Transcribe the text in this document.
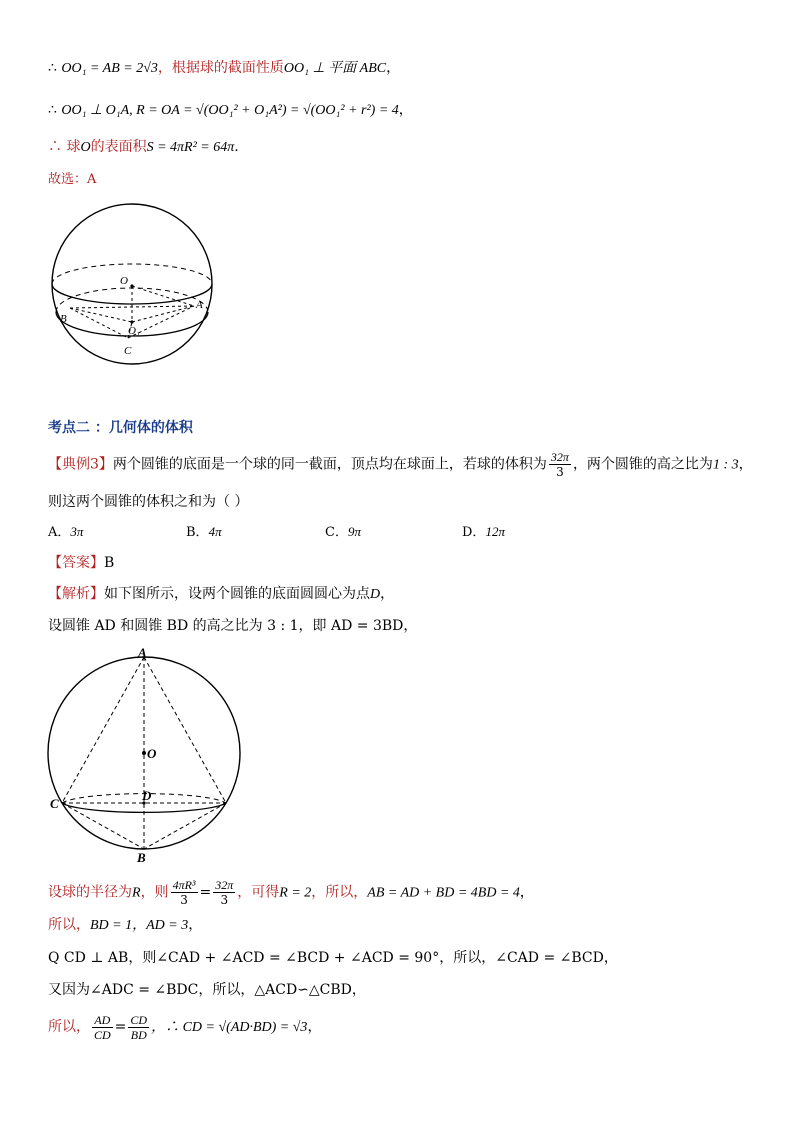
∴ OO₁ = AB = 2√3，根据球的截面性质OO₁ ⊥ 平面 ABC，
∴ OO₁ ⊥ O₁A, R = OA = √(OO₁² + O₁A²) = √(OO₁² + r²) = 4，
∴ 球O的表面积S = 4πR² = 64π.
故选：A
O
A
B
O₁
C
考点二 ：几何体的体积
【典例3】两个圆锥的底面是一个球的同一截面，顶点均在球面上，若球的体积为 $\frac{32\pi}{3}$ ，两个圆锥的高之比为1 : 3，
则这两个圆锥的体积之和为（ ）
A．3π	B．4π	C．9π	D．12π
【答案】B
【解析】如下图所示，设两个圆锥的底面圆圆心为点D，
设圆锥 AD 和圆锥 BD 的高之比为 3 : 1，即 AD = 3BD，
A
O
D
C
B
设球的半径为R，则 $\frac{\text{4πR³}}{3} = \frac{32\pi}{3}$ ，可得R = 2，所以，AB = AD + BD = 4BD = 4，
所以，BD = 1，AD = 3，
Q CD ⊥ AB，则∠CAD + ∠ACD = ∠BCD + ∠ACD = 90°，所以，∠CAD = ∠BCD，
又因为∠ADC = ∠BDC，所以，△ACD∽△CBD，
所以， $\frac{AD}{CD} = \frac{CD}{BD}$ ，∴ CD = √(AD·BD) = √3，
